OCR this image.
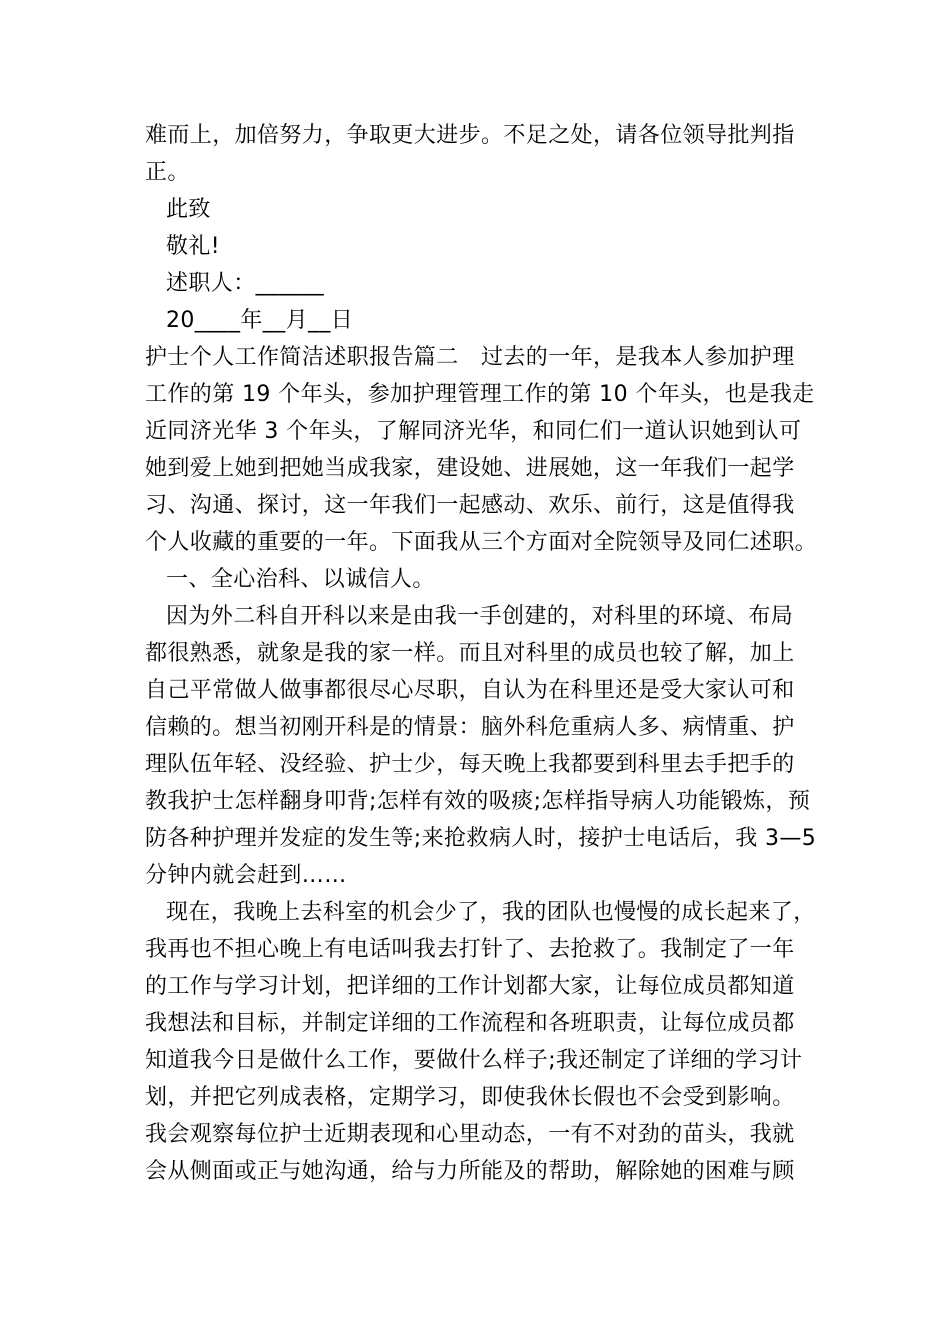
难而上，加倍努力，争取更大进步。不足之处，请各位领导批判指
正。
此致
敬礼!
述职人：______
20____年__月__日
护士个人工作简洁述职报告篇二　过去的一年，是我本人参加护理
工作的第 19 个年头，参加护理管理工作的第 10 个年头，也是我走
近同济光华 3 个年头，了解同济光华，和同仁们一道认识她到认可
她到爱上她到把她当成我家，建设她、进展她，这一年我们一起学
习、沟通、探讨，这一年我们一起感动、欢乐、前行，这是值得我
个人收藏的重要的一年。下面我从三个方面对全院领导及同仁述职。
一、全心治科、以诚信人。
因为外二科自开科以来是由我一手创建的，对科里的环境、布局
都很熟悉，就象是我的家一样。而且对科里的成员也较了解，加上
自己平常做人做事都很尽心尽职，自认为在科里还是受大家认可和
信赖的。想当初刚开科是的情景：脑外科危重病人多、病情重、护
理队伍年轻、没经验、护士少，每天晚上我都要到科里去手把手的
教我护士怎样翻身叩背;怎样有效的吸痰;怎样指导病人功能锻炼，预
防各种护理并发症的发生等;来抢救病人时，接护士电话后，我 3—5
分钟内就会赶到……
现在，我晚上去科室的机会少了，我的团队也慢慢的成长起来了，
我再也不担心晚上有电话叫我去打针了、去抢救了。我制定了一年
的工作与学习计划，把详细的工作计划都大家，让每位成员都知道
我想法和目标，并制定详细的工作流程和各班职责，让每位成员都
知道我今日是做什么工作，要做什么样子;我还制定了详细的学习计
划，并把它列成表格，定期学习，即使我休长假也不会受到影响。
我会观察每位护士近期表现和心里动态，一有不对劲的苗头，我就
会从侧面或正与她沟通，给与力所能及的帮助，解除她的困难与顾
